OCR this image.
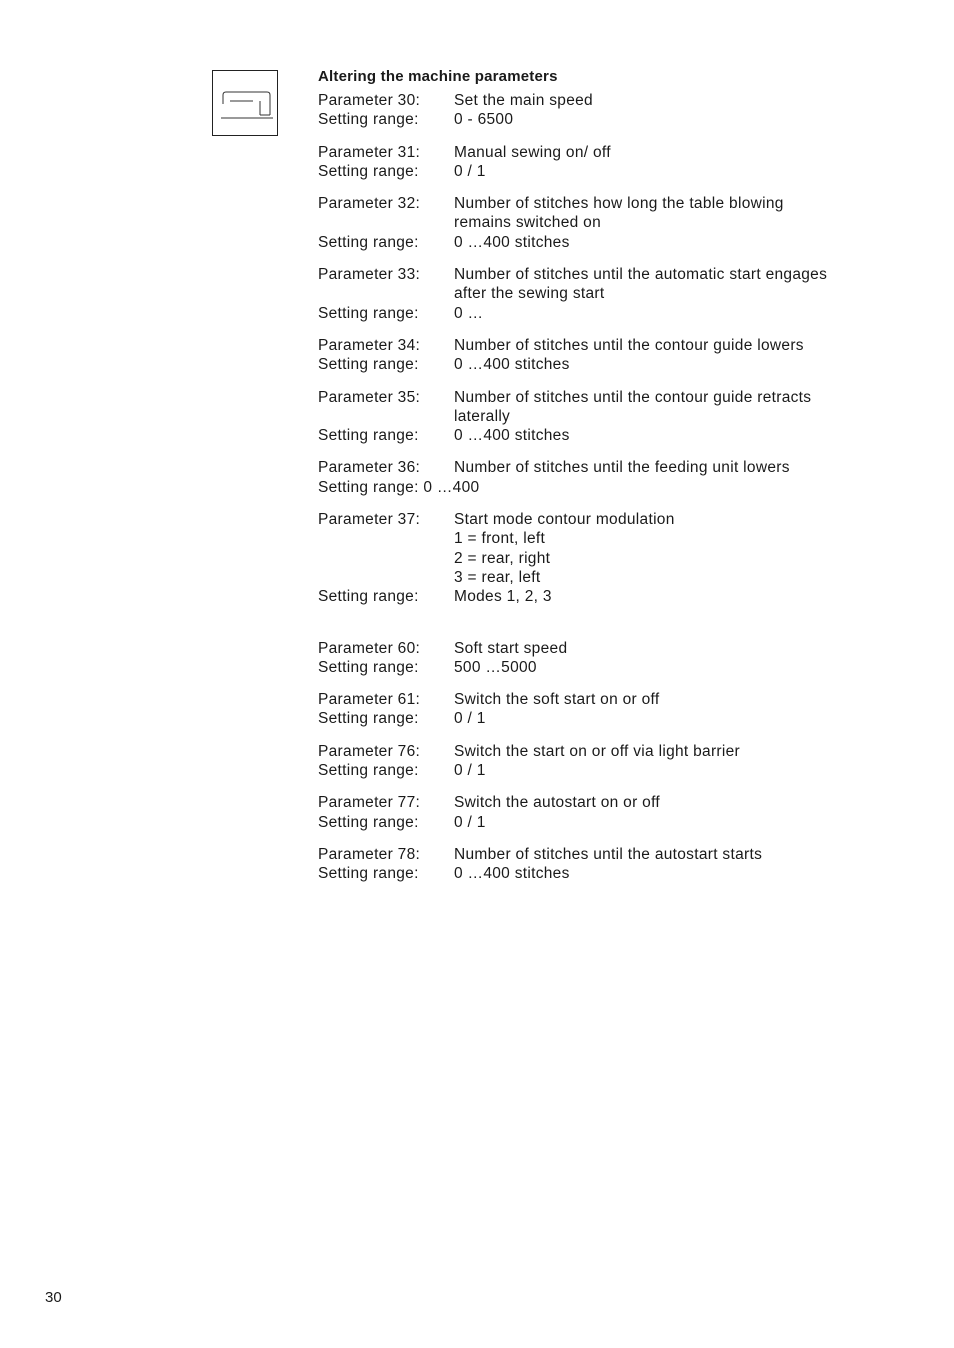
Altering the machine parameters
Parameter 30:	Set the main speed
Setting range:	0 - 6500
Parameter 31:	Manual sewing on/ off
Setting range:	0 / 1
Parameter 32:	Number of stitches how long the table blowing
remains switched on
Setting range:	0 …400 stitches
Parameter 33:	Number of stitches until the automatic start engages
after the sewing start
Setting range:	0 …
Parameter 34:	Number of stitches until the contour guide lowers
Setting range:	0 …400 stitches
Parameter 35:	Number of stitches until the contour guide retracts
laterally
Setting range:	0 …400 stitches
Parameter 36:	Number of stitches until the feeding unit lowers
Setting range: 0 …400
Parameter 37:	Start mode contour modulation
1 = front, left
2 = rear, right
3 = rear, left
Setting range:	Modes 1, 2, 3
Parameter 60:	Soft start speed
Setting range:	500 …5000
Parameter 61:	Switch the soft start on or off
Setting range:	0 / 1
Parameter 76:	Switch the start on or off via light barrier
Setting range:	0 / 1
Parameter 77:	Switch the autostart on or off
Setting range:	0 / 1
Parameter 78:	Number of stitches until the autostart starts
Setting range:	0 …400 stitches
30
